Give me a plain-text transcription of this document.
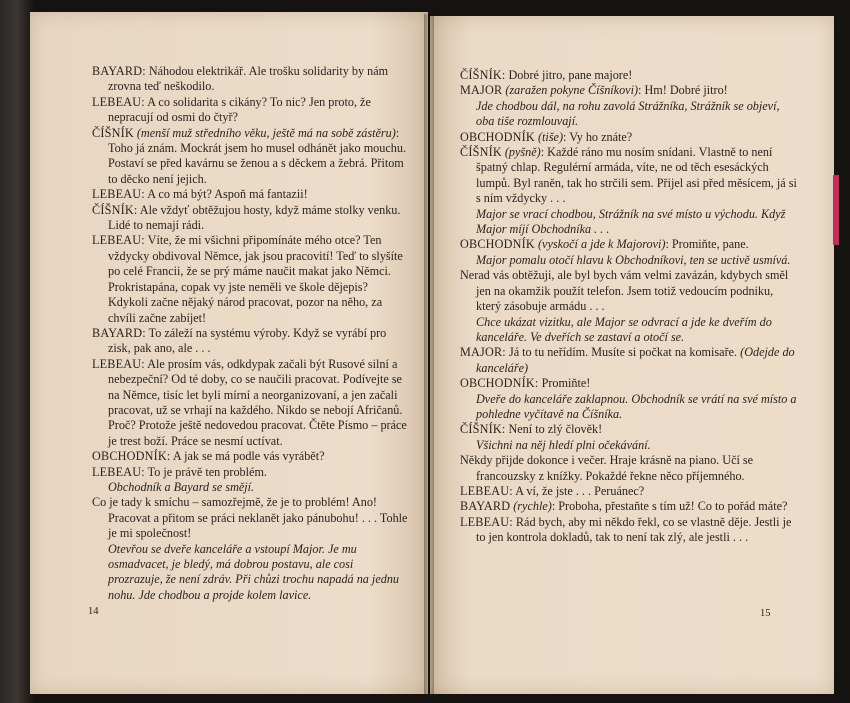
BAYARD: Náhodou elektrikář. Ale trošku solidarity by nám zrovna teď neškodilo.

LEBEAU: A co solidarita s cikány? To nic? Jen proto, že nepracují od osmi do čtyř?

ČÍŠNÍK (menší muž středního věku, ještě má na sobě zástěru): Toho já znám. Mockrát jsem ho musel odhánět jako mouchu. Postaví se před kavárnu se ženou a s děckem a žebrá. Přitom to děcko není jejich.

LEBEAU: A co má být? Aspoň má fantazii!

ČÍŠNÍK: Ale vždyť obtěžujou hosty, když máme stolky venku. Lidé to nemají rádi.

LEBEAU: Víte, že mi všichni připomínáte mého otce? Ten vždycky obdivoval Němce, jak jsou pracovití! Teď to slyšíte po celé Francii, že se prý máme naučit makat jako Němci. Prokristapána, copak vy jste neměli ve škole dějepis? Kdykoli začne nějaký národ pracovat, pozor na něho, za chvíli začne zabíjet!

BAYARD: To záleží na systému výroby. Když se vyrábí pro zisk, pak ano, ale . . .

LEBEAU: Ale prosím vás, odkdypak začali být Rusové silní a nebezpeční? Od té doby, co se naučili pracovat. Podívejte se na Němce, tisíc let byli mírní a neorganizovaní, a jen začali pracovat, už se vrhají na každého. Nikdo se nebojí Afričanů. Proč? Protože ještě nedovedou pracovat. Čtěte Písmo – práce je trest boží. Práce se nesmí uctívat.

OBCHODNÍK: A jak se má podle vás vyrábět?

LEBEAU: To je právě ten problém.

Obchodník a Bayard se smějí.

Co je tady k smíchu – samozřejmě, že je to problém! Ano! Pracovat a přitom se práci neklanět jako pánubohu! . . . Tohle je mi společnost!

Otevřou se dveře kanceláře a vstoupí Major. Je mu osmadvacet, je bledý, má dobrou postavu, ale cosi prozrazuje, že není zdráv. Při chůzi trochu napadá na jednu nohu. Jde chodbou a projde kolem lavice.

14

ČÍŠNÍK: Dobré jitro, pane majore!

MAJOR (zaražen pokyne Číšníkovi): Hm! Dobré jitro!

Jde chodbou dál, na rohu zavolá Strážníka, Strážník se objeví, oba tiše rozmlouvají.

OBCHODNÍK (tiše): Vy ho znáte?

ČÍŠNÍK (pyšně): Každé ráno mu nosím snídani. Vlastně to není špatný chlap. Regulérní armáda, víte, ne od těch esesáckých lumpů. Byl raněn, tak ho strčili sem. Přijel asi před měsícem, já si s ním vždycky . . .

Major se vrací chodbou, Strážník na své místo u východu. Když Major míjí Obchodníka . . .

OBCHODNÍK (vyskočí a jde k Majorovi): Promiňte, pane.

Major pomalu otočí hlavu k Obchodníkovi, ten se uctivě usmívá.

Nerad vás obtěžuji, ale byl bych vám velmi zavázán, kdybych směl jen na okamžik použít telefon. Jsem totiž vedoucím podniku, který zásobuje armádu . . .

Chce ukázat vizitku, ale Major se odvrací a jde ke dveřím do kanceláře. Ve dveřích se zastaví a otočí se.

MAJOR: Já to tu neřídím. Musíte si počkat na komisaře. (Odejde do kanceláře)

OBCHODNÍK: Promiňte!

Dveře do kanceláře zaklapnou. Obchodník se vrátí na své místo a pohledne vyčítavě na Číšníka.

ČÍŠNÍK: Není to zlý člověk!

Všichni na něj hledí plni očekávání.

Někdy přijde dokonce i večer. Hraje krásně na piano. Učí se francouzsky z knížky. Pokaždé řekne něco příjemného.

LEBEAU: A ví, že jste . . . Peruánec?

BAYARD (rychle): Proboha, přestaňte s tím už! Co to pořád máte?

LEBEAU: Rád bych, aby mi někdo řekl, co se vlastně děje. Jestli je to jen kontrola dokladů, tak to není tak zlý, ale jestli . . .

15
